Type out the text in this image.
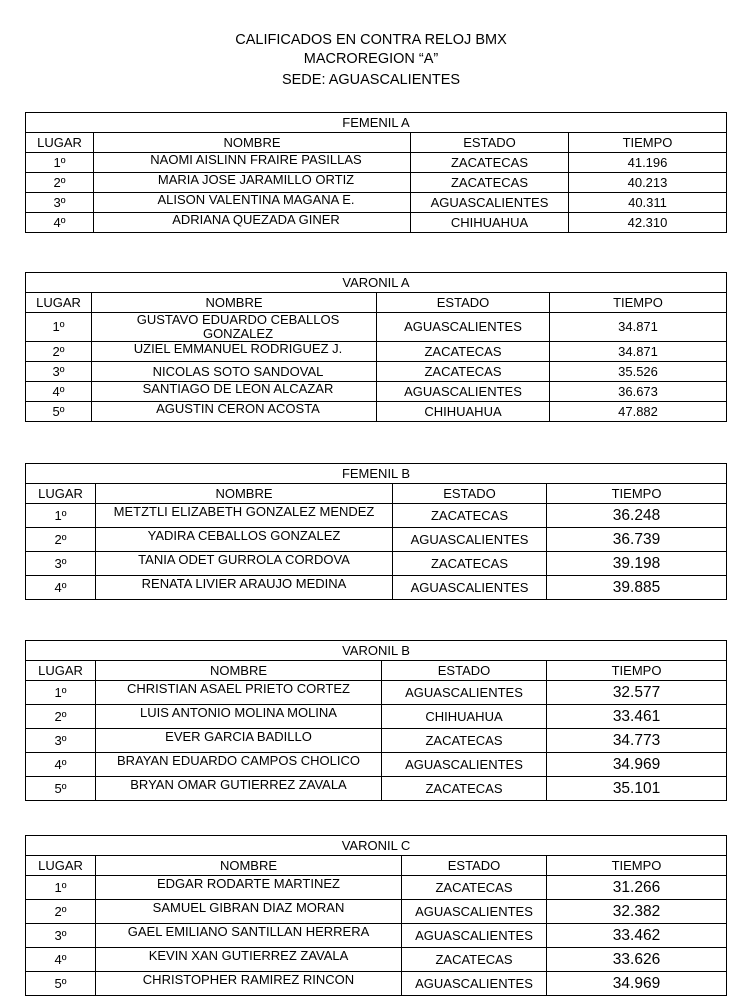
CALIFICADOS EN CONTRA RELOJ BMX
MACROREGION “A”
SEDE: AGUASCALIENTES
FEMENIL A			
LUGAR	NOMBRE	ESTADO	TIEMPO
1º	NAOMI AISLINN FRAIRE PASILLAS	ZACATECAS	41.196
2º	MARIA JOSE JARAMILLO ORTIZ	ZACATECAS	40.213
3º	ALISON VALENTINA MAGANA E.	AGUASCALIENTES	40.311
4º	ADRIANA QUEZADA GINER	CHIHUAHUA	42.310
VARONIL A			
LUGAR	NOMBRE	ESTADO	TIEMPO
1º	GUSTAVO EDUARDO CEBALLOS GONZALEZ	AGUASCALIENTES	34.871
2º	UZIEL EMMANUEL RODRIGUEZ J.	ZACATECAS	34.871
3º	NICOLAS SOTO SANDOVAL	ZACATECAS	35.526
4º	SANTIAGO DE LEON ALCAZAR	AGUASCALIENTES	36.673
5º	AGUSTIN CERON ACOSTA	CHIHUAHUA	47.882
FEMENIL B			
LUGAR	NOMBRE	ESTADO	TIEMPO
1º	METZTLI ELIZABETH GONZALEZ MENDEZ	ZACATECAS	36.248
2º	YADIRA CEBALLOS GONZALEZ	AGUASCALIENTES	36.739
3º	TANIA ODET GURROLA CORDOVA	ZACATECAS	39.198
4º	RENATA LIVIER ARAUJO MEDINA	AGUASCALIENTES	39.885
VARONIL B			
LUGAR	NOMBRE	ESTADO	TIEMPO
1º	CHRISTIAN ASAEL PRIETO CORTEZ	AGUASCALIENTES	32.577
2º	LUIS ANTONIO MOLINA MOLINA	CHIHUAHUA	33.461
3º	EVER GARCIA BADILLO	ZACATECAS	34.773
4º	BRAYAN EDUARDO CAMPOS CHOLICO	AGUASCALIENTES	34.969
5º	BRYAN OMAR GUTIERREZ ZAVALA	ZACATECAS	35.101
VARONIL C			
LUGAR	NOMBRE	ESTADO	TIEMPO
1º	EDGAR RODARTE MARTINEZ	ZACATECAS	31.266
2º	SAMUEL GIBRAN DIAZ MORAN	AGUASCALIENTES	32.382
3º	GAEL EMILIANO SANTILLAN HERRERA	AGUASCALIENTES	33.462
4º	KEVIN XAN GUTIERREZ ZAVALA	ZACATECAS	33.626
5º	CHRISTOPHER RAMIREZ RINCON	AGUASCALIENTES	34.969
